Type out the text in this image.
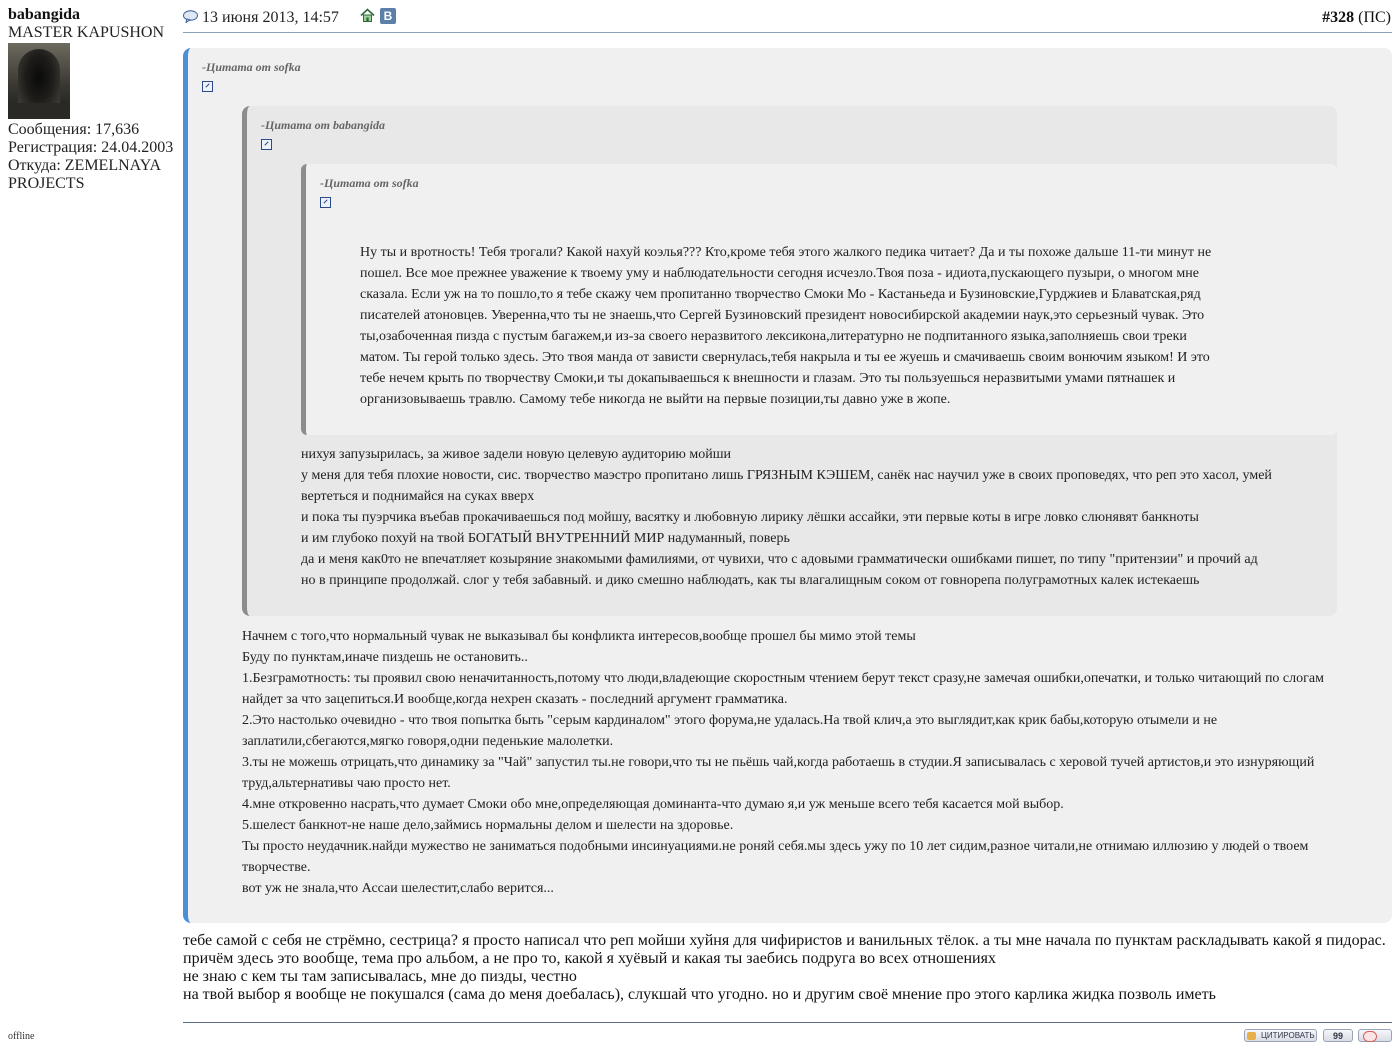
babangida
MASTER KAPUSHON
Сообщения: 17,636
Регистрация: 24.04.2003
Откуда: ZEMELNAYA
PROJECTS
offline
13 июня 2013, 14:57	В	#328 (ПС)
-Цитата от sofka

Начнем с того,что нормальный чувак не выказывал бы конфликта интересов,вообще прошел бы мимо этой темы

Буду по пунктам,иначе пиздешь не остановить..

1.Безграмотность: ты проявил свою неначитанность,потому что люди,владеющие скоростным чтением берут текст сразу,не замечая ошибки,опечатки, и только читающий по слогам

найдет за что зацепиться.И вообще,когда нехрен сказать - последний аргумент грамматика.

2.Это настолько очевидно - что твоя попытка быть "серым кардиналом" этого форума,не удалась.На твой клич,а это выглядит,как крик бабы,которую отымели и не

заплатили,сбегаются,мягко говоря,одни педенькие малолетки.

3.ты не можешь отрицать,что динамику за "Чай" запустил ты.не говори,что ты не пьёшь чай,когда работаешь в студии.Я записывалась с херовой тучей артистов,и это изнуряющий

труд,альтернативы чаю просто нет.

4.мне откровенно насрать,что думает Смоки обо мне,определяющая доминанта-что думаю я,и уж меньше всего тебя касается мой выбор.

5.шелест банкнот-не наше дело,займись нормальны делом и шелести на здоровье.

Ты просто неудачник.найди мужество не заниматься подобными инсинуациями.не роняй себя.мы здесь ужу по 10 лет сидим,разное читали,не отнимаю иллюзию у людей о твоем

творчестве.

вот уж не знала,что Ассаи шелестит,слабо верится...

-Цитата от babangida

нихуя запузырилась, за живое задели новую целевую аудиторию мойши

у меня для тебя плохие новости, сис. творчество маэстро пропитано лишь ГРЯЗНЫМ КЭШЕМ, санёк нас научил уже в своих проповедях, что реп это хасол, умей

вертеться и поднимайся на суках вверх

и пока ты пуэрчика въебав прокачиваешься под мойшу, васятку и любовную лирику лёшки ассайки, эти первые коты в игре ловко слюнявят банкноты

и им глубоко похуй на твой БОГАТЫЙ ВНУТРЕННИЙ МИР надуманный, поверь

да и меня как0то не впечатляет козыряние знакомыми фамилиями, от чувихи, что с адовыми грамматически ошибками пишет, по типу "притензии" и прочий ад

но в принципе продолжай. слог у тебя забавный. и дико смешно наблюдать, как ты влагалищным соком от говнорепа полуграмотных калек истекаешь

-Цитата от sofka

Ну ты и вротность! Тебя трогали? Какой нахуй коэлья??? Кто,кроме тебя этого жалкого педика читает? Да и ты похоже дальше 11-ти минут не

пошел. Все мое прежнее уважение к твоему уму и наблюдательности сегодня исчезло.Твоя поза - идиота,пускающего пузыри, о многом мне

сказала. Если уж на то пошло,то я тебе скажу чем пропитанно творчество Смоки Мо - Кастаньеда и Бузиновские,Гурджиев и Блаватская,ряд

писателей атоновцев. Уверенна,что ты не знаешь,что Сергей Бузиновский президент новосибирской академии наук,это серьезный чувак. Это

ты,озабоченная пизда с пустым багажем,и из-за своего неразвитого лексикона,литературно не подпитанного языка,заполняешь свои треки

матом. Ты герой только здесь. Это твоя манда от зависти свернулась,тебя накрыла и ты ее жуешь и смачиваешь своим вонючим языком! И это

тебе нечем крыть по творчеству Смоки,и ты докапываешься к внешности и глазам. Это ты пользуешься неразвитыми умами пятнашек и

организовываешь травлю. Самому тебе никогда не выйти на первые позиции,ты давно уже в жопе.

тебе самой с себя не стрёмно, сестрица? я просто написал что реп мойши хуйня для чифиристов и ванильных тёлок. а ты мне начала по пунктам раскладывать какой я пидорас.

причём здесь это вообще, тема про альбом, а не про то, какой я хуёвый и какая ты заебись подруга во всех отношениях

не знаю с кем ты там записывалась, мне до пизды, честно

на твой выбор я вообще не покушался (сама до меня доебалась), слукшай что угодно. но и другим своё мнение про этого карлика жидка позволь иметь

ЦИТИРОВАТЬ	99
